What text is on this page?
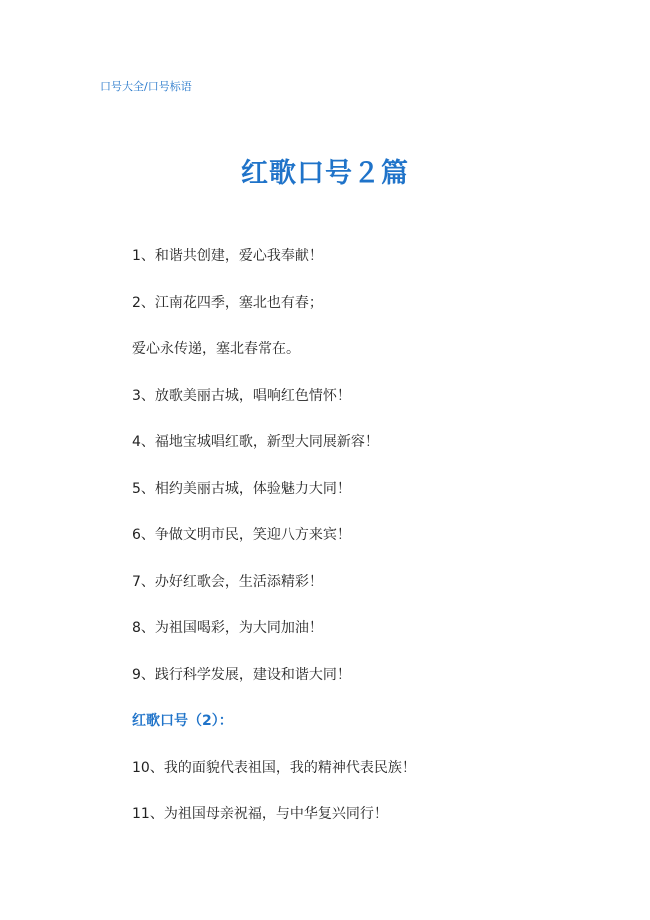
口号大全/口号标语
红歌口号２篇
1、和谐共创建，爱心我奉献！
2、江南花四季，塞北也有春；
爱心永传递，塞北春常在。
3、放歌美丽古城，唱响红色情怀！
4、福地宝城唱红歌，新型大同展新容！
5、相约美丽古城，体验魅力大同！
6、争做文明市民，笑迎八方来宾！
7、办好红歌会，生活添精彩！
8、为祖国喝彩，为大同加油！
9、践行科学发展，建设和谐大同！
红歌口号（2）：
10、我的面貌代表祖国，我的精神代表民族！
11、为祖国母亲祝福，与中华复兴同行！
